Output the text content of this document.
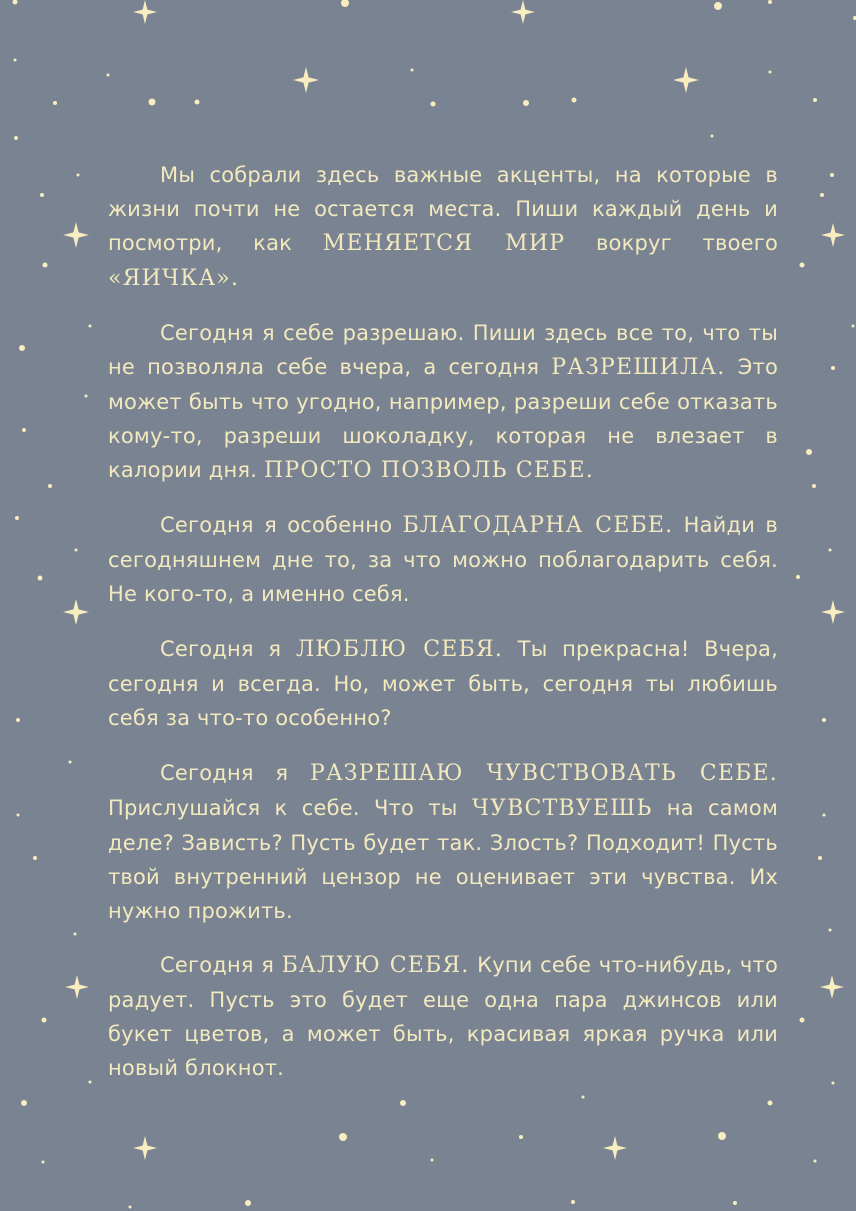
Мы собрали здесь важные акценты, на которые в жизни почти не остается места. Пиши каждый день и посмотри, как МЕНЯЕТСЯ МИР вокруг твоего «ЯИЧКА».

Сегодня я себе разрешаю. Пиши здесь все то, что ты не позволяла себе вчера, а сегодня РАЗРЕШИЛА. Это может быть что угодно, например, разреши себе отказать кому-то, разреши шоколадку, которая не влезает в калории дня. ПРОСТО ПОЗВОЛЬ СЕБЕ.

Сегодня я особенно БЛАГОДАРНА СЕБЕ. Найди в сегодняшнем дне то, за что можно поблагодарить себя. Не кого-то, а именно себя.

Сегодня я ЛЮБЛЮ СЕБЯ. Ты прекрасна! Вчера, сегодня и всегда. Но, может быть, сегодня ты любишь себя за что-то особенно?

Сегодня я РАЗРЕШАЮ ЧУВСТВОВАТЬ СЕБЕ. Прислушайся к себе. Что ты ЧУВСТВУЕШЬ на самом деле? Зависть? Пусть будет так. Злость? Подходит! Пусть твой внутренний цензор не оценивает эти чувства. Их нужно прожить.

Сегодня я БАЛУЮ СЕБЯ. Купи себе что-нибудь, что радует. Пусть это будет еще одна пара джинсов или букет цветов, а может быть, красивая яркая ручка или новый блокнот.
